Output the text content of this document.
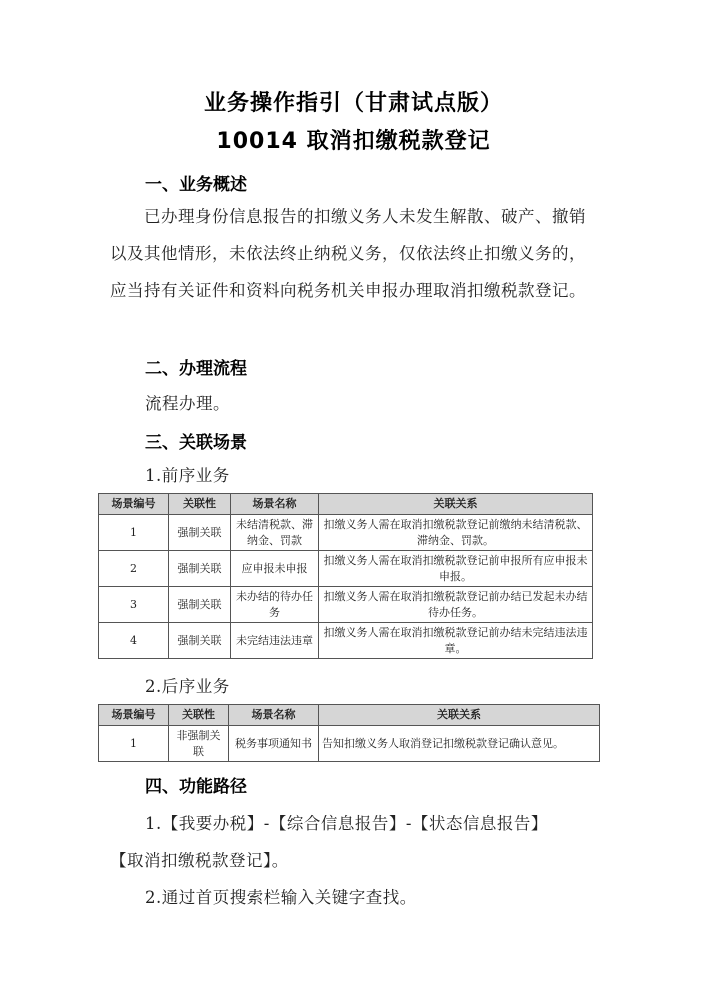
业务操作指引（甘肃试点版）
10014 取消扣缴税款登记
一、业务概述
已办理身份信息报告的扣缴义务人未发生解散、破产、撤销以及其他情形，未依法终止纳税义务，仅依法终止扣缴义务的，应当持有关证件和资料向税务机关申报办理取消扣缴税款登记。
二、办理流程
流程办理。
三、关联场景
1.前序业务
场景编号	关联性	场景名称	关联关系
1	强制关联	未结清税款、滞纳金、罚款	扣缴义务人需在取消扣缴税款登记前缴纳未结清税款、滞纳金、罚款。
2	强制关联	应申报未申报	扣缴义务人需在取消扣缴税款登记前申报所有应申报未申报。
3	强制关联	未办结的待办任务	扣缴义务人需在取消扣缴税款登记前办结已发起未办结待办任务。
4	强制关联	未完结违法违章	扣缴义务人需在取消扣缴税款登记前办结未完结违法违章。
2.后序业务
场景编号	关联性	场景名称	关联关系
1	非强制关联	税务事项通知书	告知扣缴义务人取消登记扣缴税款登记确认意见。
四、功能路径
1.【我要办税】-【综合信息报告】-【状态信息报告】
【取消扣缴税款登记】。
2.通过首页搜索栏输入关键字查找。
